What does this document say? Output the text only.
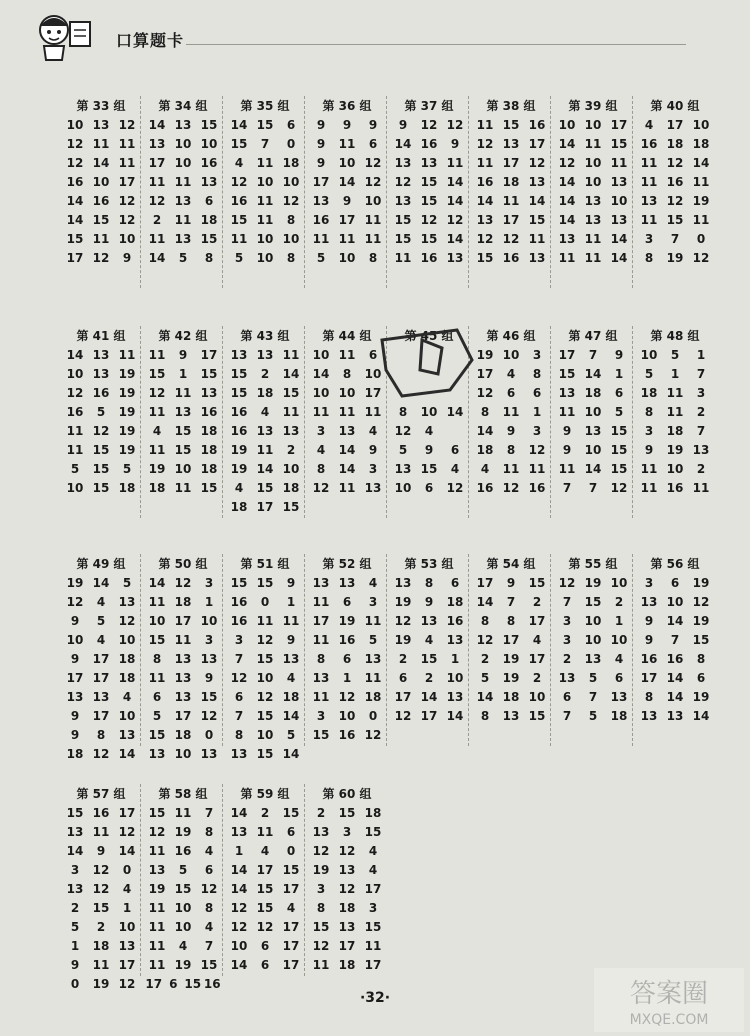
口算题卡
第 33 组
10 13 12
12 11 11
12 14 11
16 10 17
14 16 12
14 15 12
15 11 10
17 12	9
第 34 组
14 13 15
13 10 10
17 10 16
11 11 13
12 13	6
2	11 18
11 13 15
14	5	8
第 35 组
14 15	6
15	7	0
4	11 18
12 10 10
16 11 12
15 11	8
11 10 10
5	10	8
第 36 组
9	9	9
9	11	6
9	10 12
17 14 12
13	9	10
16 17 11
11 11 11
5	10	8
第 37 组
9	12 12
14 16	9
13 13 11
12 15 14
13 15 14
15 12 12
15 15 14
11 16 13
第 38 组
11 15 16
12 13 17
11 17 12
16 18 13
14 11 14
13 17 15
12 12 11
15 16 13
第 39 组
10 10 17
14 11 15
12 10 11
14 10 13
14 13 10
14 13 13
13 11 14
11 11 14
第 40 组
4	17 10
16 18 18
11 12 14
11 16 11
13 12 19
11 15 11
3	7	0
8	19 12
第 41 组
14 13 11
10 13 19
12 16 19
16	5	19
11 12 19
11 15 19
5	15	5
10 15 18
第 42 组
11	9	17
15	1	15
12 11 13
11 13 16
4	15 18
11 15 18
19 10 18
18 11 15
第 43 组
13 13 11
15	2	14
15 18 15
16	4	11
16 13 13
19 11	2
19 14 10
4	15 18
18 17 15
第 44 组
10 11	6
14	8	10
10 10 17
11 11 11
3	13	4
4	14	9
8	14	3
12 11 13
第 45 组
8	10 14
12	4
5	9	6
13 15	4
10	6	12
第 46 组
19 10	3
17	4	8
12	6	6
8	11	1
14	9	3
18	8	12
4	11 11
16 12 16
第 47 组
17	7	9
15 14	1
13 18	6
11 10	5
9	13 15
9	10 15
11 14 15
7	7	12
第 48 组
10	5	1
5	1	7
18 11	3
8	11	2
3	18	7
9	19 13
11 10	2
11 16 11
第 49 组
19 14	5
12	4	13
9	5	12
10	4	10
9	17 18
17 17 18
13 13	4
9	17 10
9	8	13
18 12 14
第 50 组
14 12	3
11 18	1
10 17 10
15 11	3
8	13 13
11 13	9
6	13 15
5	17 12
15 18	0
13 10 13
第 51 组
15 15	9
16	0	1
16 11 11
3	12	9
7	15 13
12 10	4
6	12 18
7	15 14
8	10	5
13 15 14
第 52 组
13 13	4
11	6	3
17 19 11
11 16	5
8	6	13
13	1	11
11 12 18
3	10	0
15 16 12
第 53 组
13	8	6
19	9	18
12 13 16
19	4	13
2	15	1
6	2	10
17 14 13
12 17 14
第 54 组
17	9	15
14	7	2
8	8	17
12 17	4
2	19 17
5	19	2
14 18 10
8	13 15
第 55 组
12 19 10
7	15	2
3	10	1
3	10 10
2	13	4
13	5	6
6	7	13
7	5	18
第 56 组
3	6	19
13 10 12
9	14 19
9	7	15
16 16	8
17 14	6
8	14 19
13 13 14
第 57 组
15 16 17
13 11 12
14	9	14
3	12	0
13 12	4
2	15	1
5	2	10
1	18 13
9	11 17
0	19 12
第 58 组
15 11	7
12 19	8
11 16	4
13	5	6
19 15 12
11 10	8
11 10	4
11	4	7
11 19 15
17 6 15 16
第 59 组
14	2	15
13 11	6
1	4	0
14 17 15
14 15 17
12 15	4
12 12 17
10	6	17
14	6	17
第 60 组
2	15 18
13	3	15
12 12	4
19 13	4
3	12 17
8	18	3
15 13 15
12 17 11
11 18 17
·32·	答案圈
MXQE.COM
